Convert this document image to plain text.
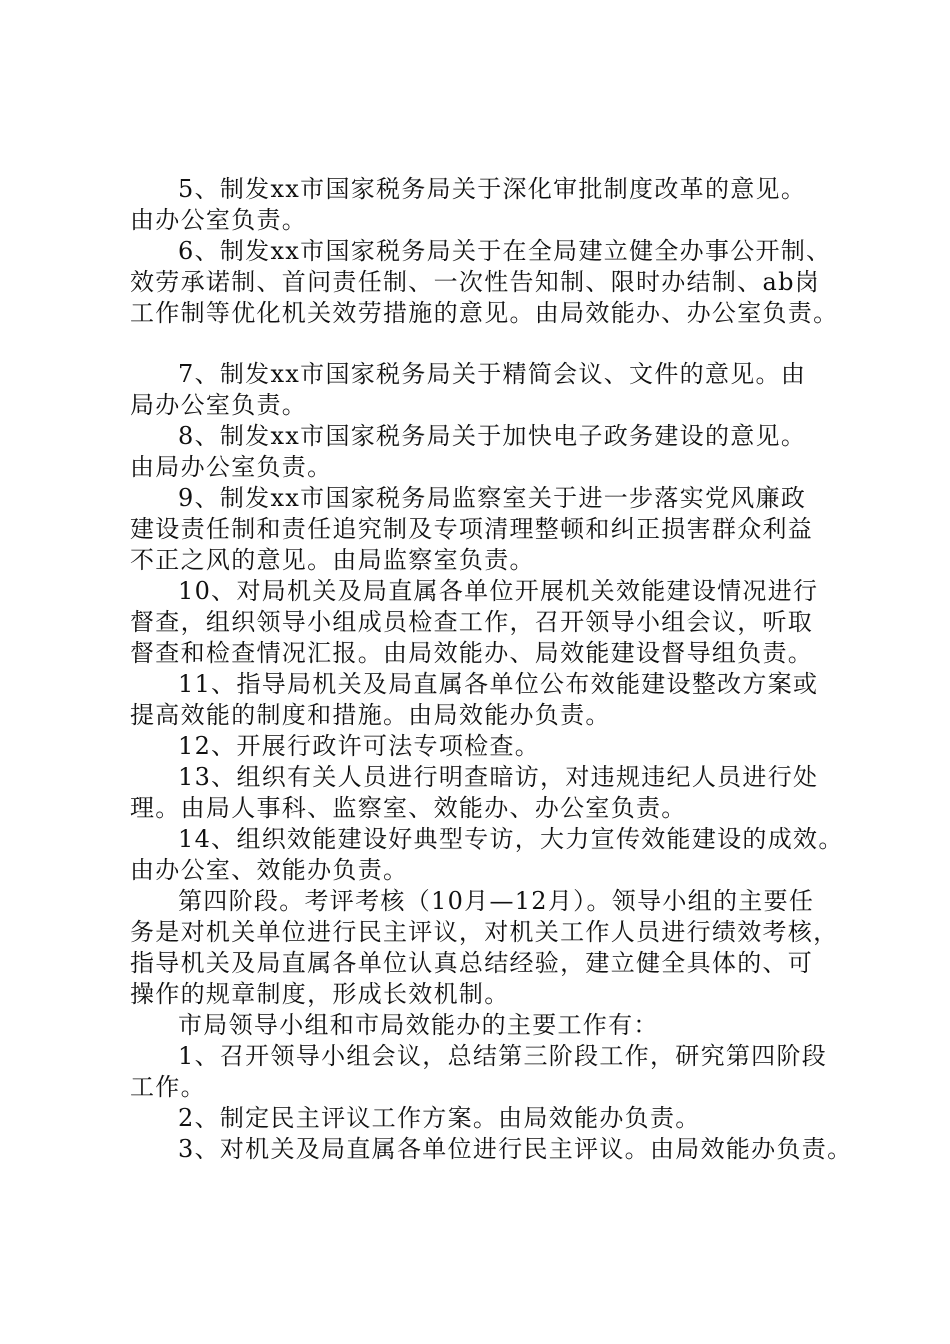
5、制发xx市国家税务局关于深化审批制度改革的意见。
由办公室负责。
6、制发xx市国家税务局关于在全局建立健全办事公开制、
效劳承诺制、首问责任制、一次性告知制、限时办结制、ab岗
工作制等优化机关效劳措施的意见。由局效能办、办公室负责。
7、制发xx市国家税务局关于精简会议、文件的意见。由
局办公室负责。
8、制发xx市国家税务局关于加快电子政务建设的意见。
由局办公室负责。
9、制发xx市国家税务局监察室关于进一步落实党风廉政
建设责任制和责任追究制及专项清理整顿和纠正损害群众利益
不正之风的意见。由局监察室负责。
10、对局机关及局直属各单位开展机关效能建设情况进行
督查，组织领导小组成员检查工作，召开领导小组会议，听取
督查和检查情况汇报。由局效能办、局效能建设督导组负责。
11、指导局机关及局直属各单位公布效能建设整改方案或
提高效能的制度和措施。由局效能办负责。
12、开展行政许可法专项检查。
13、组织有关人员进行明查暗访，对违规违纪人员进行处
理。由局人事科、监察室、效能办、办公室负责。
14、组织效能建设好典型专访，大力宣传效能建设的成效。
由办公室、效能办负责。
第四阶段。考评考核（10月—12月）。领导小组的主要任
务是对机关单位进行民主评议，对机关工作人员进行绩效考核，
指导机关及局直属各单位认真总结经验，建立健全具体的、可
操作的规章制度，形成长效机制。
市局领导小组和市局效能办的主要工作有：
1、召开领导小组会议，总结第三阶段工作，研究第四阶段
工作。
2、制定民主评议工作方案。由局效能办负责。
3、对机关及局直属各单位进行民主评议。由局效能办负责。
